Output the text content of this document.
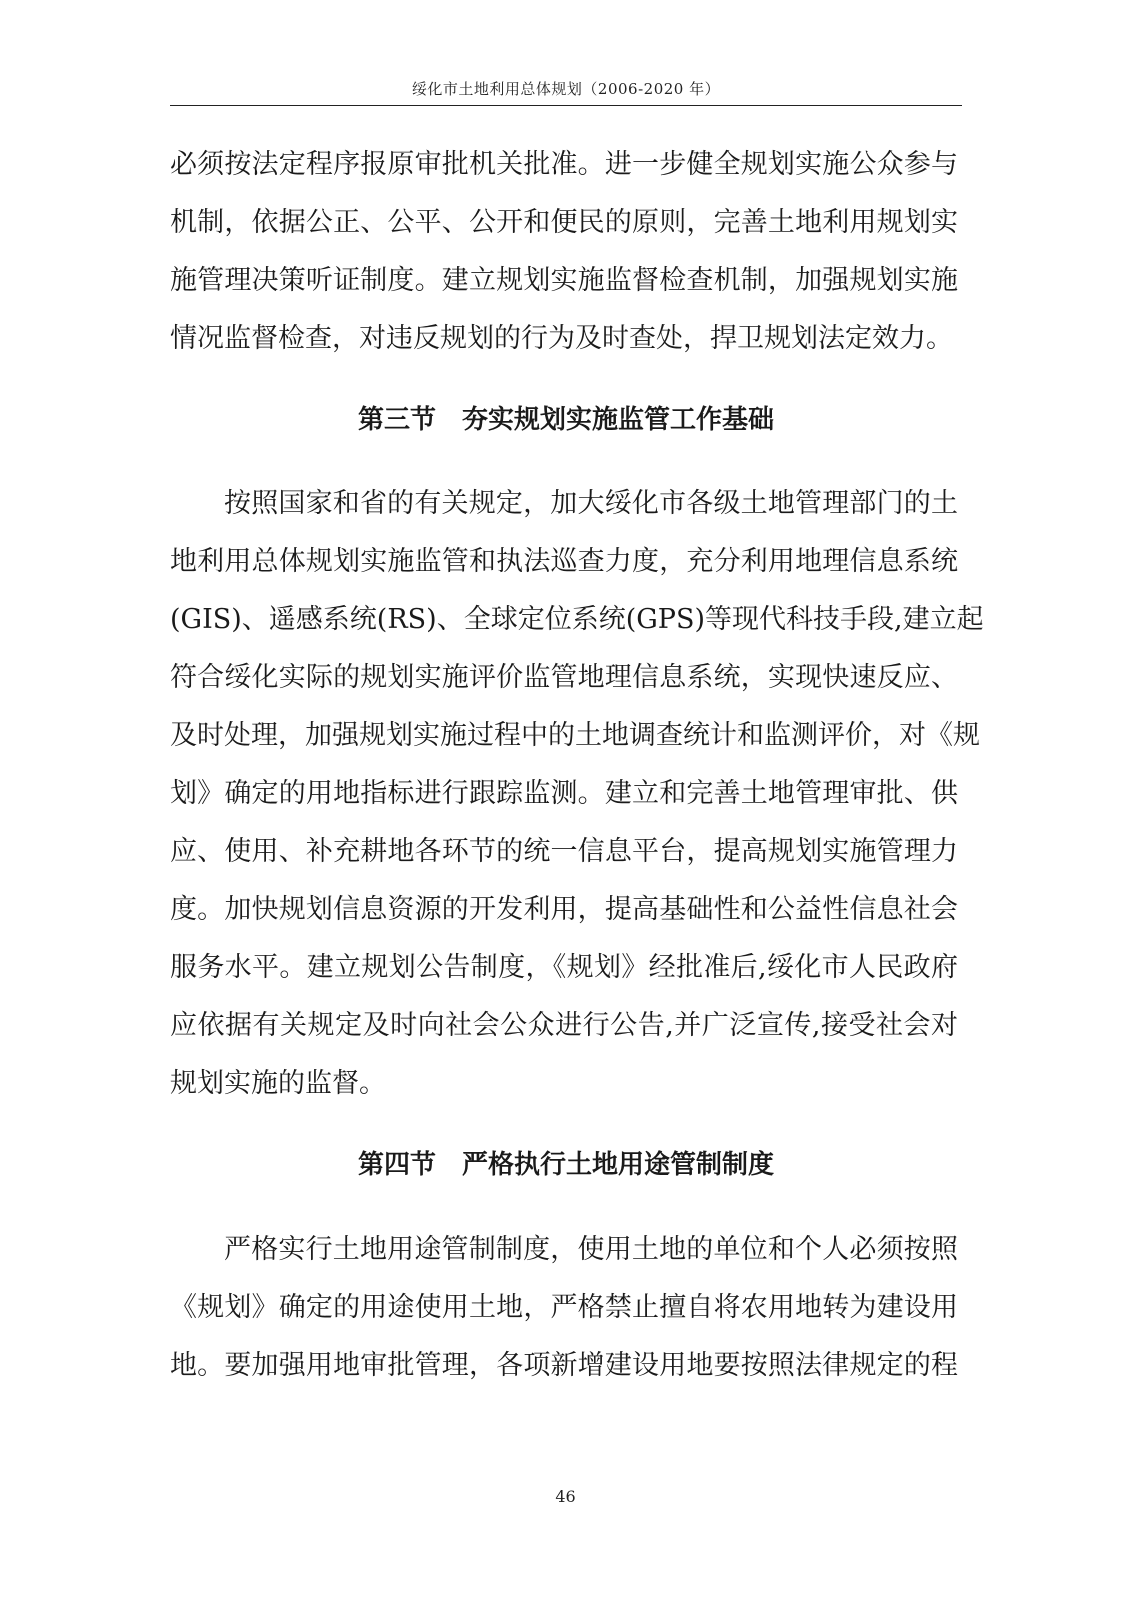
绥化市土地利用总体规划（2006-2020 年）
必须按法定程序报原审批机关批准。进一步健全规划实施公众参与
机制，依据公正、公平、公开和便民的原则，完善土地利用规划实
施管理决策听证制度。建立规划实施监督检查机制，加强规划实施
情况监督检查，对违反规划的行为及时查处，捍卫规划法定效力。
第三节　夯实规划实施监管工作基础
按照国家和省的有关规定，加大绥化市各级土地管理部门的土
地利用总体规划实施监管和执法巡查力度，充分利用地理信息系统
(GIS)、遥感系统(RS)、全球定位系统(GPS)等现代科技手段,建立起
符合绥化实际的规划实施评价监管地理信息系统，实现快速反应、
及时处理，加强规划实施过程中的土地调查统计和监测评价，对《规
划》确定的用地指标进行跟踪监测。建立和完善土地管理审批、供
应、使用、补充耕地各环节的统一信息平台，提高规划实施管理力
度。加快规划信息资源的开发利用，提高基础性和公益性信息社会
服务水平。建立规划公告制度，《规划》经批准后,绥化市人民政府
应依据有关规定及时向社会公众进行公告,并广泛宣传,接受社会对
规划实施的监督。
第四节　严格执行土地用途管制制度
严格实行土地用途管制制度，使用土地的单位和个人必须按照
《规划》确定的用途使用土地，严格禁止擅自将农用地转为建设用
地。要加强用地审批管理，各项新增建设用地要按照法律规定的程
46
